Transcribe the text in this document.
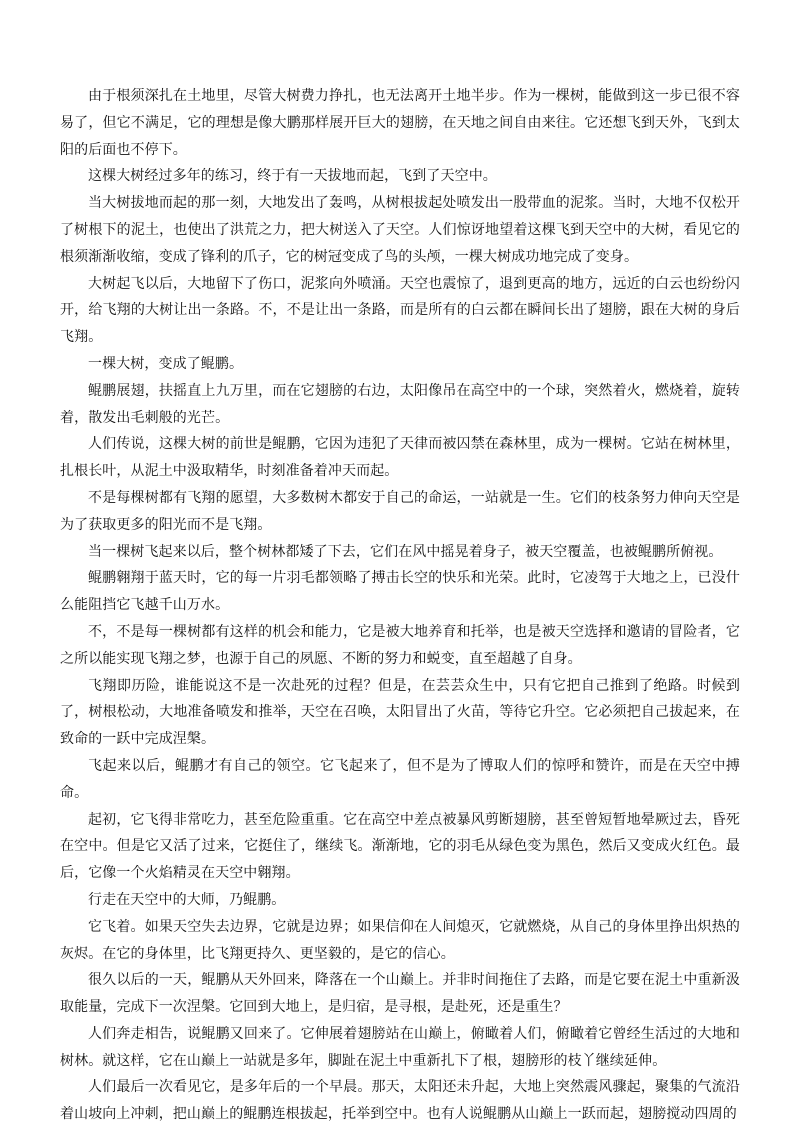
由于根须深扎在土地里，尽管大树费力挣扎，也无法离开土地半步。作为一棵树，能做到这一步已很不容易了，但它不满足，它的理想是像大鹏那样展开巨大的翅膀，在天地之间自由来往。它还想飞到天外，飞到太阳的后面也不停下。

这棵大树经过多年的练习，终于有一天拔地而起，飞到了天空中。

当大树拔地而起的那一刻，大地发出了轰鸣，从树根拔起处喷发出一股带血的泥浆。当时，大地不仅松开了树根下的泥土，也使出了洪荒之力，把大树送入了天空。人们惊讶地望着这棵飞到天空中的大树，看见它的根须渐渐收缩，变成了锋利的爪子，它的树冠变成了鸟的头颅，一棵大树成功地完成了变身。

大树起飞以后，大地留下了伤口，泥浆向外喷涌。天空也震惊了，退到更高的地方，远近的白云也纷纷闪开，给飞翔的大树让出一条路。不，不是让出一条路，而是所有的白云都在瞬间长出了翅膀，跟在大树的身后飞翔。

一棵大树，变成了鲲鹏。

鲲鹏展翅，扶摇直上九万里，而在它翅膀的右边，太阳像吊在高空中的一个球，突然着火，燃烧着，旋转着，散发出毛刺般的光芒。

人们传说，这棵大树的前世是鲲鹏，它因为违犯了天律而被囚禁在森林里，成为一棵树。它站在树林里，扎根长叶，从泥土中汲取精华，时刻准备着冲天而起。

不是每棵树都有飞翔的愿望，大多数树木都安于自己的命运，一站就是一生。它们的枝条努力伸向天空是为了获取更多的阳光而不是飞翔。

当一棵树飞起来以后，整个树林都矮了下去，它们在风中摇晃着身子，被天空覆盖，也被鲲鹏所俯视。

鲲鹏翱翔于蓝天时，它的每一片羽毛都领略了搏击长空的快乐和光荣。此时，它凌驾于大地之上，已没什么能阻挡它飞越千山万水。

不，不是每一棵树都有这样的机会和能力，它是被大地养育和托举，也是被天空选择和邀请的冒险者，它之所以能实现飞翔之梦，也源于自己的夙愿、不断的努力和蜕变，直至超越了自身。

飞翔即历险，谁能说这不是一次赴死的过程？但是，在芸芸众生中，只有它把自己推到了绝路。时候到了，树根松动，大地准备喷发和推举，天空在召唤，太阳冒出了火苗，等待它升空。它必须把自己拔起来，在致命的一跃中完成涅槃。

飞起来以后，鲲鹏才有自己的领空。它飞起来了，但不是为了博取人们的惊呼和赞许，而是在天空中搏命。

起初，它飞得非常吃力，甚至危险重重。它在高空中差点被暴风剪断翅膀，甚至曾短暂地晕厥过去，昏死在空中。但是它又活了过来，它挺住了，继续飞。渐渐地，它的羽毛从绿色变为黑色，然后又变成火红色。最后，它像一个火焰精灵在天空中翱翔。

行走在天空中的大师，乃鲲鹏。

它飞着。如果天空失去边界，它就是边界；如果信仰在人间熄灭，它就燃烧，从自己的身体里挣出炽热的灰烬。在它的身体里，比飞翔更持久、更坚毅的，是它的信心。

很久以后的一天，鲲鹏从天外回来，降落在一个山巅上。并非时间拖住了去路，而是它要在泥土中重新汲取能量，完成下一次涅槃。它回到大地上，是归宿，是寻根，是赴死，还是重生？

人们奔走相告，说鲲鹏又回来了。它伸展着翅膀站在山巅上，俯瞰着人们，俯瞰着它曾经生活过的大地和树林。就这样，它在山巅上一站就是多年，脚趾在泥土中重新扎下了根，翅膀形的枝丫继续延伸。

人们最后一次看见它，是多年后的一个早晨。那天，太阳还未升起，大地上突然震风骤起，聚集的气流沿着山坡向上冲刺，把山巅上的鲲鹏连根拔起，托举到空中。也有人说鲲鹏从山巅上一跃而起，翅膀搅动四周的
